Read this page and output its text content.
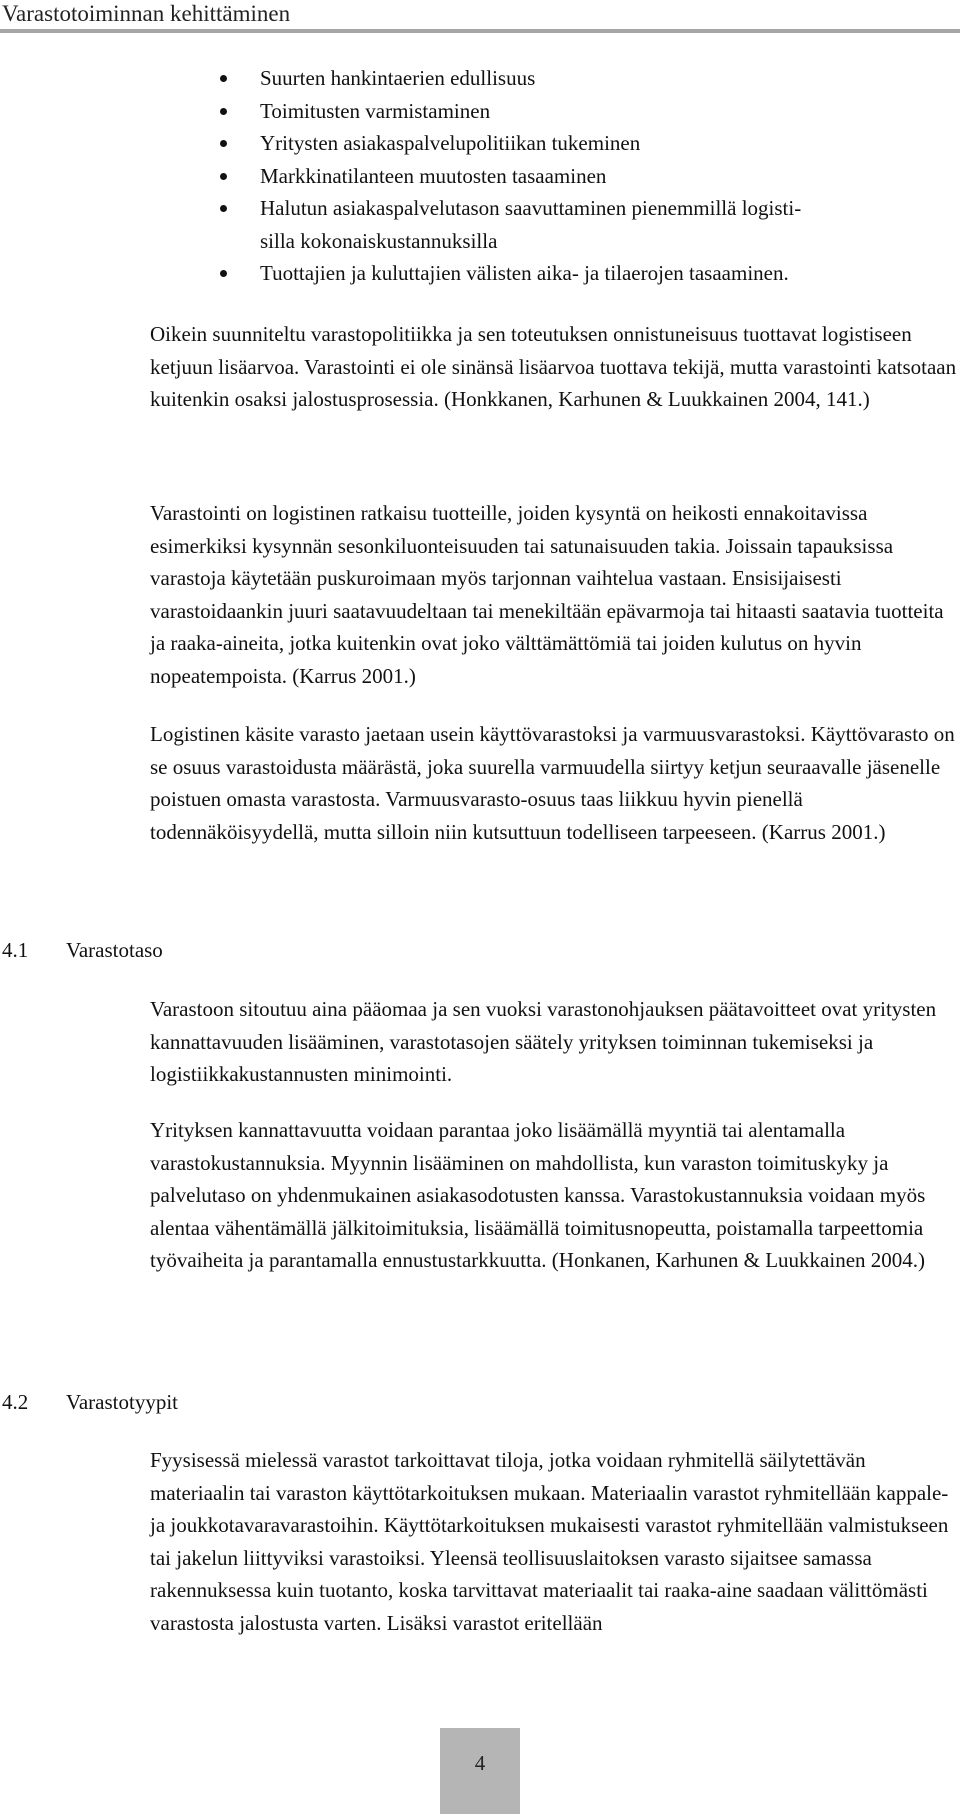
Varastotoiminnan kehittäminen
Suurten hankintaerien edullisuus
Toimitusten varmistaminen
Yritysten asiakaspalvelupolitiikan tukeminen
Markkinatilanteen muutosten tasaaminen
Halutun asiakaspalvelutason saavuttaminen pienemmillä logisti-
silla kokonaiskustannuksilla
Tuottajien ja kuluttajien välisten aika- ja tilaerojen tasaaminen.

Oikein suunniteltu varastopolitiikka ja sen toteutuksen onnistuneisuus tuottavat logistiseen ketjuun lisäarvoa. Varastointi ei ole sinänsä lisäarvoa tuottava tekijä, mutta varastointi katsotaan kuitenkin osaksi jalostusprosessia. (Honkkanen, Karhunen & Luukkainen 2004, 141.)

Varastointi on logistinen ratkaisu tuotteille, joiden kysyntä on heikosti ennakoitavissa esimerkiksi kysynnän sesonkiluonteisuuden tai satunaisuuden takia. Joissain tapauksissa varastoja käytetään puskuroimaan myös tarjonnan vaihtelua vastaan. Ensisijaisesti varastoidaankin juuri saatavuudeltaan tai menekiltään epävarmoja tai hitaasti saatavia tuotteita ja raaka-aineita, jotka kuitenkin ovat joko välttämättömiä tai joiden kulutus on hyvin nopeatempoista. (Karrus 2001.)

Logistinen käsite varasto jaetaan usein käyttövarastoksi ja varmuusvarastoksi. Käyttövarasto on se osuus varastoidusta määrästä, joka suurella varmuudella siirtyy ketjun seuraavalle jäsenelle poistuen omasta varastosta. Varmuusvarasto-osuus taas liikkuu hyvin pienellä todennäköisyydellä, mutta silloin niin kutsuttuun todelliseen tarpeeseen. (Karrus 2001.)

4.1 Varastotaso

Varastoon sitoutuu aina pääomaa ja sen vuoksi varastonohjauksen päätavoitteet ovat yritysten kannattavuuden lisääminen, varastotasojen säätely yrityksen toiminnan tukemiseksi ja logistiikkakustannusten minimointi.

Yrityksen kannattavuutta voidaan parantaa joko lisäämällä myyntiä tai alentamalla varastokustannuksia. Myynnin lisääminen on mahdollista, kun varaston toimituskyky ja palvelutaso on yhdenmukainen asiakasodotusten kanssa. Varastokustannuksia voidaan myös alentaa vähentämällä jälkitoimituksia, lisäämällä toimitusnopeutta, poistamalla tarpeettomia työvaiheita ja parantamalla ennustustarkkuutta. (Honkanen, Karhunen & Luukkainen 2004.)

4.2 Varastotyypit

Fyysisessä mielessä varastot tarkoittavat tiloja, jotka voidaan ryhmitellä säilytettävän materiaalin tai varaston käyttötarkoituksen mukaan. Materiaalin varastot ryhmitellään kappale- ja joukkotavaravarastoihin. Käyttötarkoituksen mukaisesti varastot ryhmitellään valmistukseen tai jakelun liittyviksi varastoiksi. Yleensä teollisuuslaitoksen varasto sijaitsee samassa rakennuksessa kuin tuotanto, koska tarvittavat materiaalit tai raaka-aine saadaan välittömästi varastosta jalostusta varten. Lisäksi varastot eritellään

4
